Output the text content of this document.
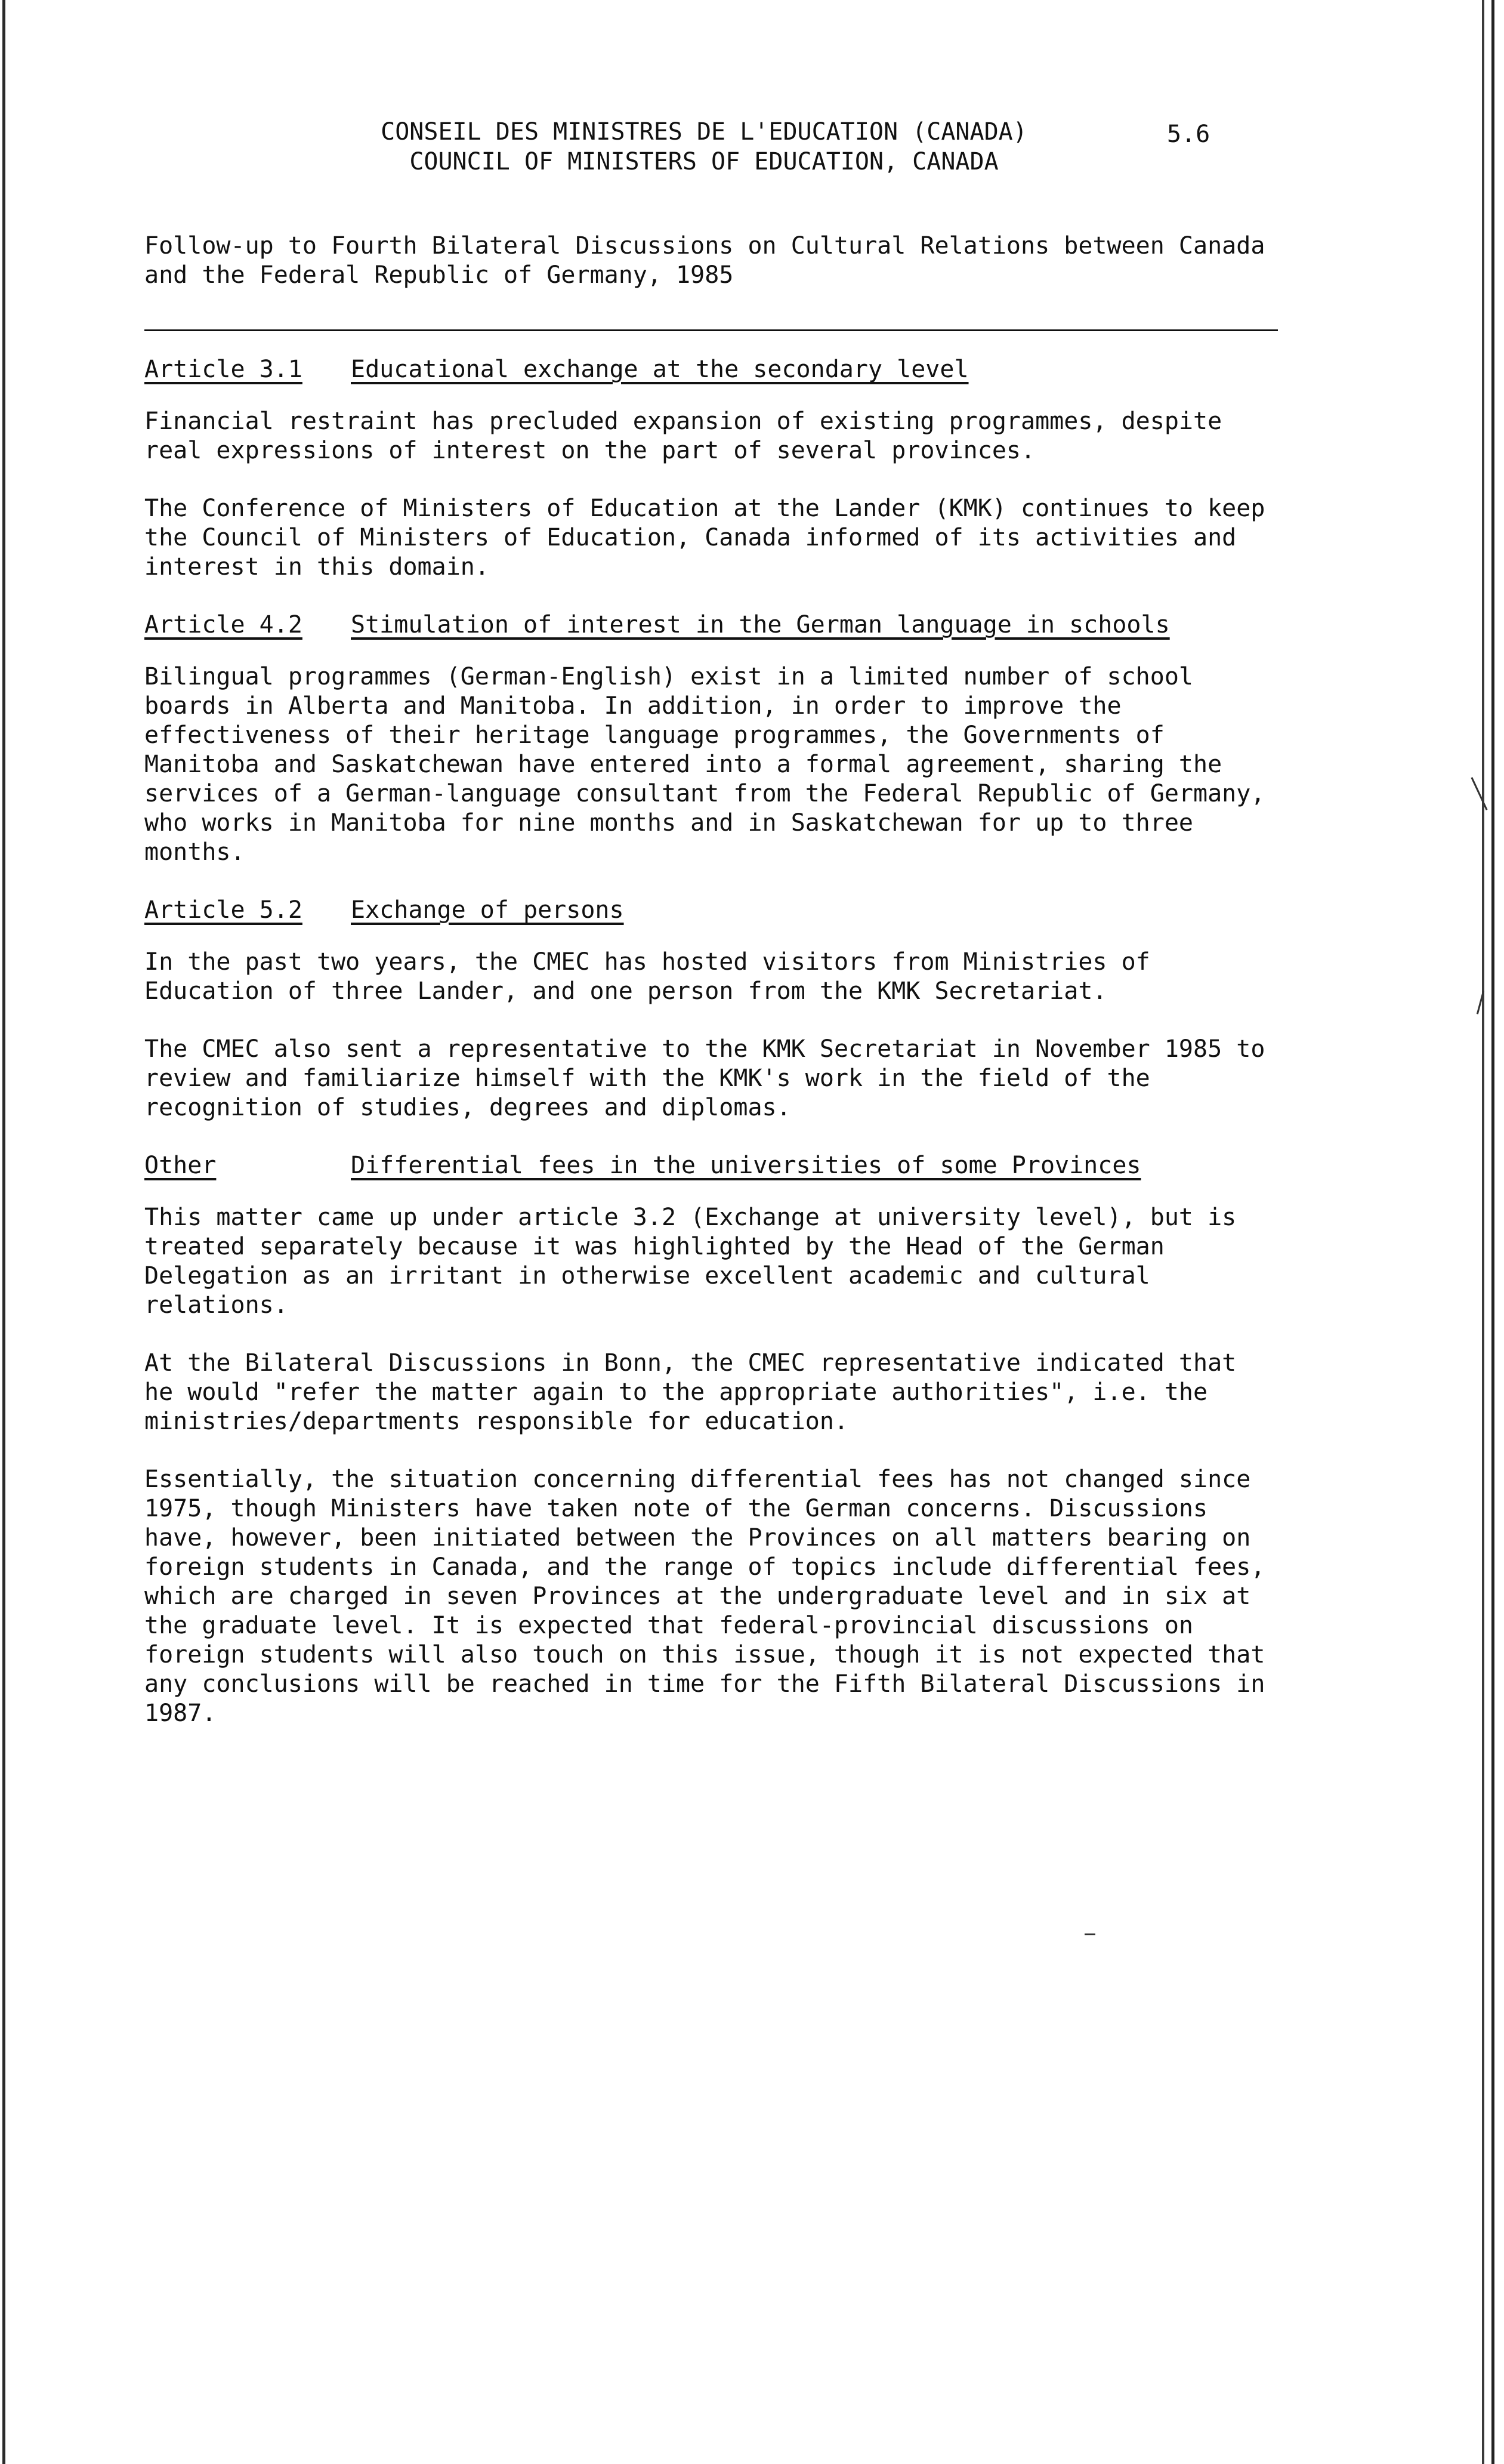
CONSEIL DES MINISTRES DE L'EDUCATION (CANADA)
COUNCIL OF MINISTERS OF EDUCATION, CANADA
5.6

Follow-up to Fourth Bilateral Discussions on Cultural Relations between Canada and the Federal Republic of Germany, 1985

Article 3.1	Educational exchange at the secondary level

Financial restraint has precluded expansion of existing programmes, despite real expressions of interest on the part of several provinces.

The Conference of Ministers of Education at the Lander (KMK) continues to keep the Council of Ministers of Education, Canada informed of its activities and interest in this domain.

Article 4.2	Stimulation of interest in the German language in schools

Bilingual programmes (German-English) exist in a limited number of school boards in Alberta and Manitoba. In addition, in order to improve the effectiveness of their heritage language programmes, the Governments of Manitoba and Saskatchewan have entered into a formal agreement, sharing the services of a German-language consultant from the Federal Republic of Germany, who works in Manitoba for nine months and in Saskatchewan for up to three months.

Article 5.2	Exchange of persons

In the past two years, the CMEC has hosted visitors from Ministries of Education of three Lander, and one person from the KMK Secretariat.

The CMEC also sent a representative to the KMK Secretariat in November 1985 to review and familiarize himself with the KMK's work in the field of the recognition of studies, degrees and diplomas.

Other	Differential fees in the universities of some Provinces

This matter came up under article 3.2 (Exchange at university level), but is treated separately because it was highlighted by the Head of the German Delegation as an irritant in otherwise excellent academic and cultural relations.

At the Bilateral Discussions in Bonn, the CMEC representative indicated that he would "refer the matter again to the appropriate authorities", i.e. the ministries/departments responsible for education.

Essentially, the situation concerning differential fees has not changed since 1975, though Ministers have taken note of the German concerns. Discussions have, however, been initiated between the Provinces on all matters bearing on foreign students in Canada, and the range of topics include differential fees, which are charged in seven Provinces at the undergraduate level and in six at the graduate level. It is expected that federal-provincial discussions on foreign students will also touch on this issue, though it is not expected that any conclusions will be reached in time for the Fifth Bilateral Discussions in 1987.
